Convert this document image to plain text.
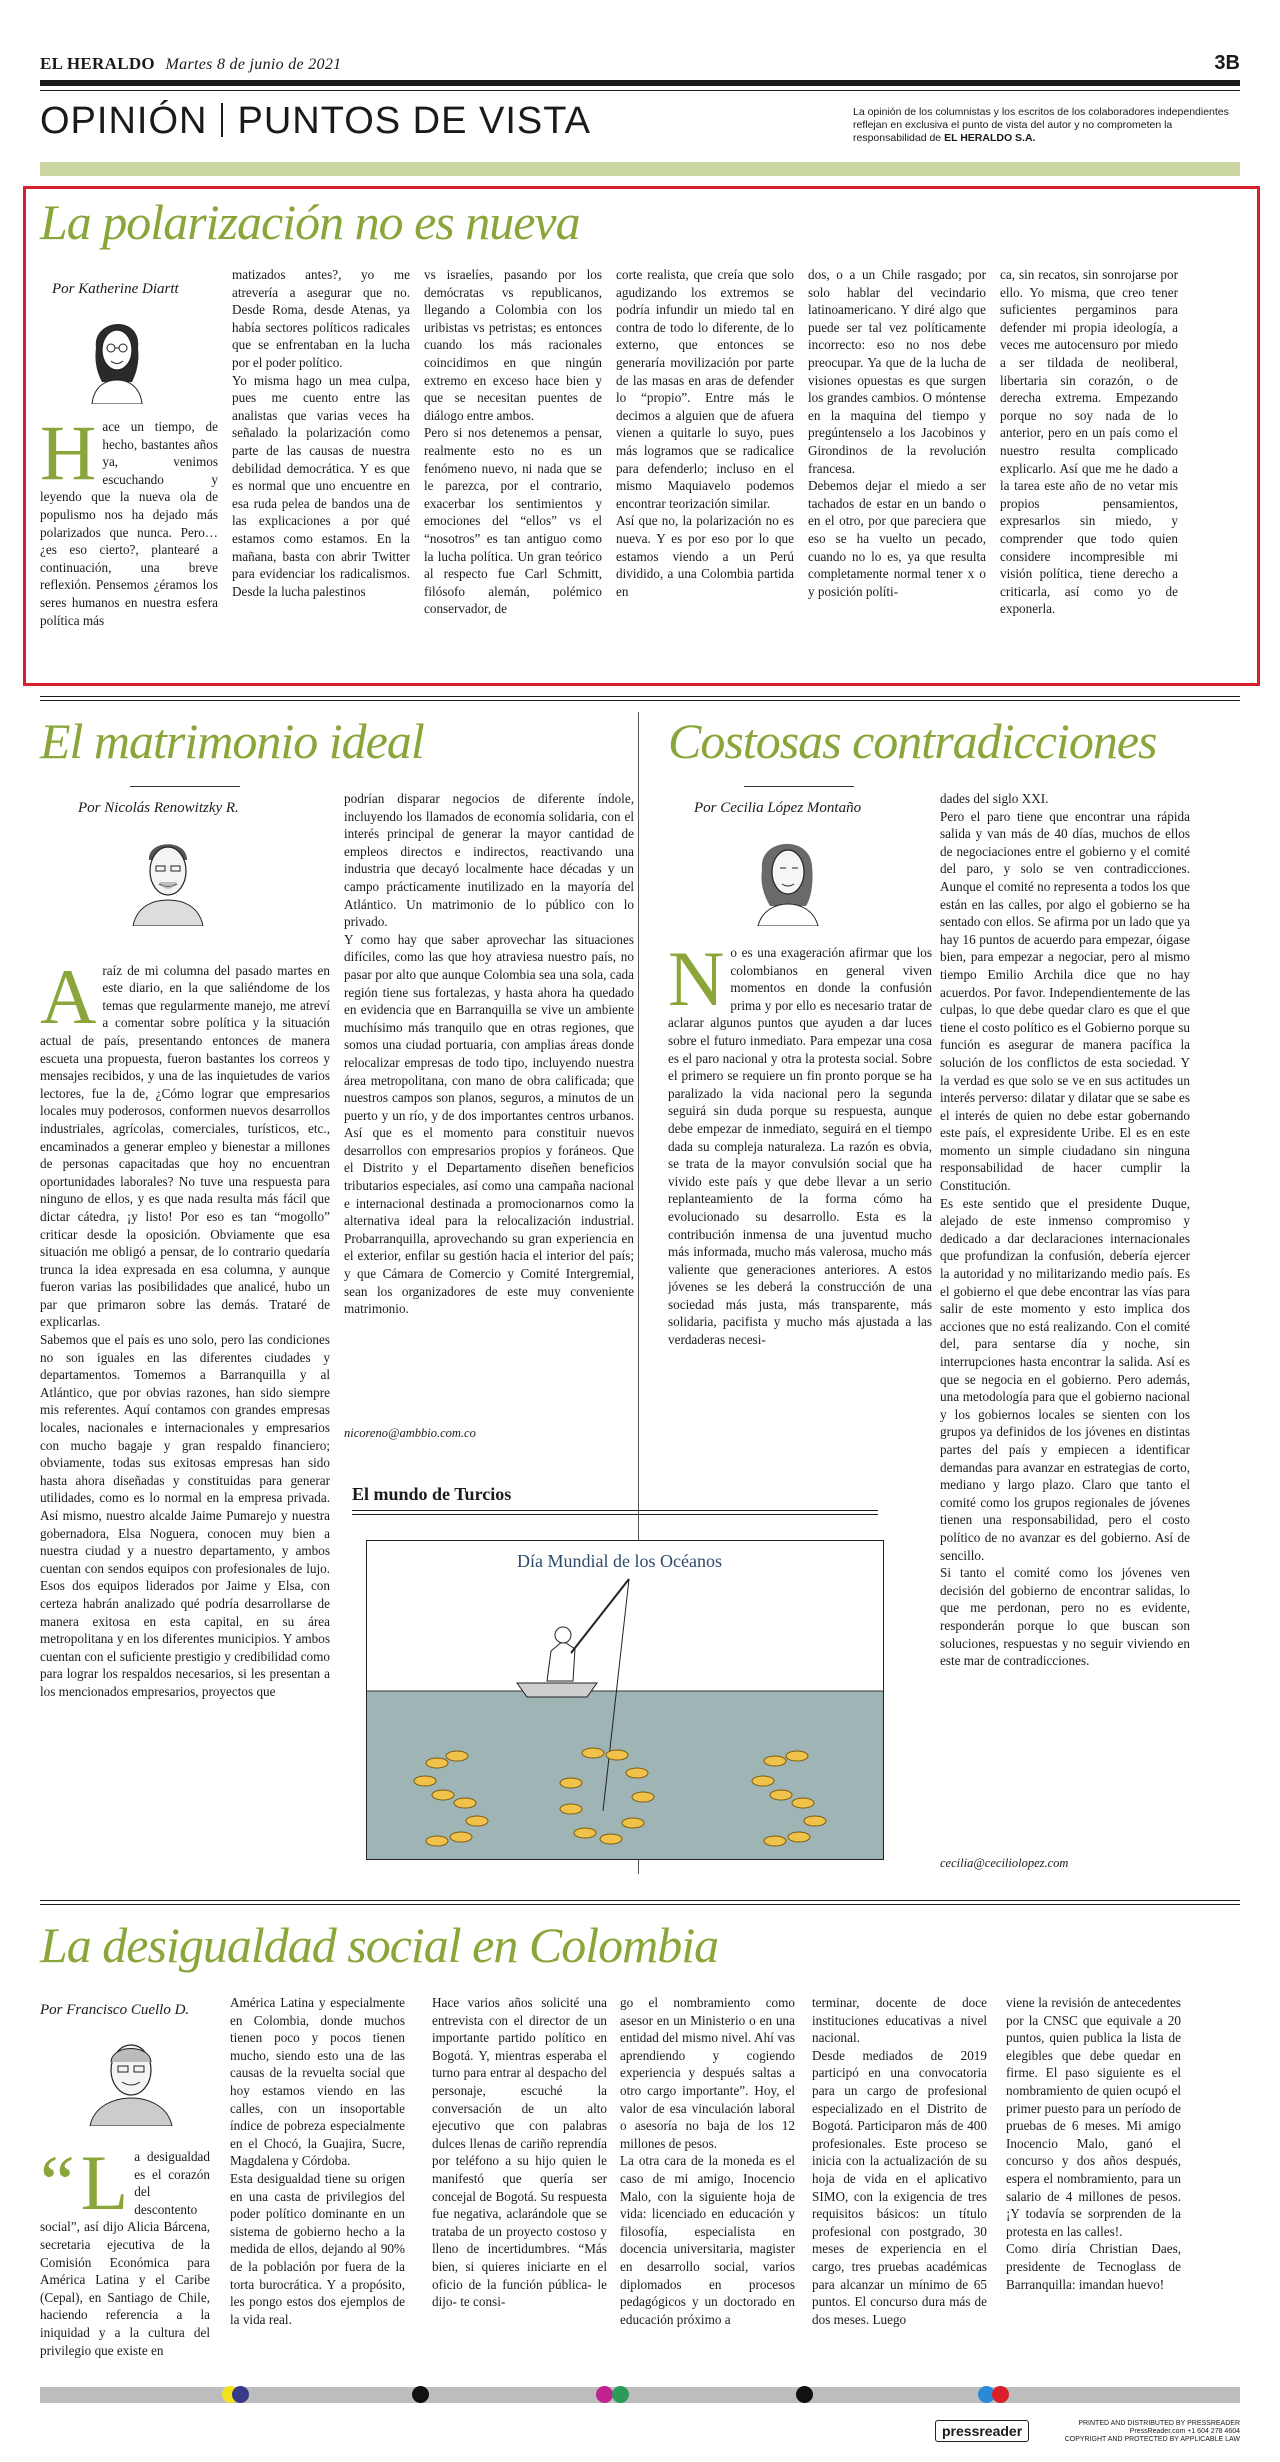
EL HERALDO Martes 8 de junio de 2021	3B
OPINIÓN PUNTOS DE VISTA	La opinión de los columnistas y los escritos de los colaboradores independientes reflejan en exclusiva el punto de vista del autor y no comprometen la responsabilidad de EL HERALDO S.A.
La polarización no es nueva
Por Katherine Diartt
Hace un tiempo, de hecho, bastantes años ya, venimos escuchando y leyendo que la nueva ola de populismo nos ha dejado más polarizados que nunca. Pero… ¿es eso cierto?, planteаré a continuación, una breve reflexión. Pensemos ¿éramos los seres humanos en nuestra esfera política más
matizados antes?, yo me atrevería a asegurar que no. Desde Roma, desde Atenas, ya había sectores políticos radicales que se enfrentaban en la lucha por el poder político.
Yo misma hago un mea culpa, pues me cuento entre las analistas que varias veces ha señalado la polarización como parte de las causas de nuestra debilidad democrática. Y es que es normal que uno encuentre en esa ruda pelea de bandos una de las explicaciones a por qué estamos como estamos. En la mañana, basta con abrir Twitter para evidenciar los radicalismos. Desde la lucha palestinos
vs israelíes, pasando por los demócratas vs republicanos, llegando a Colombia con los uribistas vs petristas; es entonces cuando los más racionales coincidimos en que ningún extremo en exceso hace bien y que se necesitan puentes de diálogo entre ambos.
Pero si nos detenemos a pensar, realmente esto no es un fenómeno nuevo, ni nada que se le parezca, por el contrario, exacerbar los sentimientos y emociones del “ellos” vs el “nosotros” es tan antiguo como la lucha política. Un gran teórico al respecto fue Carl Schmitt, filósofo alemán, polémico conservador, de
corte realista, que creía que solo agudizando los extremos se podría infundir un miedo tal en contra de todo lo diferente, de lo externo, que entonces se generaría movilización por parte de las masas en aras de defender lo “propio”. Entre más le decimos a alguien que de afuera vienen a quitarle lo suyo, pues más logramos que se radicalice para defenderlo; incluso en el mismo Maquiavelo podemos encontrar teorización similar.
Así que no, la polarización no es nueva. Y es por eso por lo que estamos viendo a un Perú dividido, a una Colombia partida en
dos, o a un Chile rasgado; por solo hablar del vecindario latinoamericano. Y diré algo que puede ser tal vez políticamente incorrecto: eso no nos debe preocupar. Ya que de la lucha de visiones opuestas es que surgen los grandes cambios. O móntense en la maquina del tiempo y pregúntenselo a los Jacobinos y Girondinos de la revolución francesa.
Debemos dejar el miedo a ser tachados de estar en un bando o en el otro, por que pareciera que eso se ha vuelto un pecado, cuando no lo es, ya que resulta completamente normal tener x o y posición políti-
ca, sin recatos, sin sonrojarse por ello. Yo misma, que creo tener suficientes pergaminos para defender mi propia ideología, a veces me autocensuro por miedo a ser tildada de neoliberal, libertaria sin corazón, o de derecha extrema. Empezando porque no soy nada de lo anterior, pero en un país como el nuestro resulta complicado explicarlo. Así que me he dado a la tarea este año de no vetar mis propios pensamientos, expresarlos sin miedo, y comprender que todo quien considere incompresible mi visión política, tiene derecho a criticarla, así como yo de exponerla.
El matrimonio ideal
Por Nicolás Renowitzky R.

Araíz de mi columna del pasado martes en este diario, en la que saliéndome de los temas que regularmente manejo, me atreví a comentar sobre política y la situación actual de país, presentando entonces de manera escueta una propuesta, fueron bastantes los correos y mensajes recibidos, y una de las inquietudes de varios lectores, fue la de, ¿Cómo lograr que empresarios locales muy poderosos, conformen nuevos desarrollos industriales, agrícolas, comerciales, turísticos, etc., encaminados a generar empleo y bienestar a millones de personas capacitadas que hoy no encuentran oportunidades laborales? No tuve una respuesta para ninguno de ellos, y es que nada resulta más fácil que dictar cátedra, ¡y listo! Por eso es tan “mogollo” criticar desde la oposición. Obviamente que esa situación me obligó a pensar, de lo contrario quedaría trunca la idea expresada en esa columna, y aunque fueron varias las posibilidades que analicé, hubo un par que primaron sobre las demás. Trataré de explicarlas.
Sabemos que el país es uno solo, pero las condiciones no son iguales en las diferentes ciudades y departamentos. Tomemos a Barranquilla y al Atlántico, que por obvias razones, han sido siempre mis referentes. Aquí contamos con grandes empresas locales, nacionales e internacionales y empresarios con mucho bagaje y gran respaldo financiero; obviamente, todas sus exitosas empresas han sido hasta ahora diseñadas y constituidas para generar utilidades, como es lo normal en la empresa privada. Así mismo, nuestro alcalde Jaime Pumarejo y nuestra gobernadora, Elsa Noguera, conocen muy bien a nuestra ciudad y a nuestro departamento, y ambos cuentan con sendos equipos con profesionales de lujo. Esos dos equipos liderados por Jaime y Elsa, con certeza habrán analizado qué podría desarrollarse de manera exitosa en esta capital, en su área metropolitana y en los diferentes municipios. Y ambos cuentan con el suficiente prestigio y credibilidad como para lograr los respaldos necesarios, si les presentan a los mencionados empresarios, proyectos que

podrían disparar negocios de diferente índole, incluyendo los llamados de economía solidaria, con el interés principal de generar la mayor cantidad de empleos directos e indirectos, reactivando una industria que decayó localmente hace décadas y un campo prácticamente inutilizado en la mayoría del Atlántico. Un matrimonio de lo público con lo privado.
Y como hay que saber aprovechar las situaciones difíciles, como las que hoy atraviesa nuestro país, no pasar por alto que aunque Colombia sea una sola, cada región tiene sus fortalezas, y hasta ahora ha quedado en evidencia que en Barranquilla se vive un ambiente muchísimo más tranquilo que en otras regiones, que somos una ciudad portuaria, con amplias áreas donde relocalizar empresas de todo tipo, incluyendo nuestra área metropolitana, con mano de obra calificada; que nuestros campos son planos, seguros, a minutos de un puerto y un río, y de dos importantes centros urbanos. Así que es el momento para constituir nuevos desarrollos con empresarios propios y foráneos. Que el Distrito y el Departamento diseñen beneficios tributarios especiales, así como una campaña nacional e internacional destinada a promocionarnos como la alternativa ideal para la relocalización industrial. Probarranquilla, aprovechando su gran experiencia en el exterior, enfilar su gestión hacia el interior del país; y que Cámara de Comercio y Comité Intergremial, sean los organizadores de este muy conveniente matrimonio.
nicoreno@ambbio.com.co
El mundo de Turcios
Día Mundial de los Océanos
Costosas contradicciones
Por Cecilia López Montaño
No es una exageración afirmar que los colombianos en general viven momentos en donde la confusión prima y por ello es necesario tratar de aclarar algunos puntos que ayuden a dar luces sobre el futuro inmediato. Para empezar una cosa es el paro nacional y otra la protesta social. Sobre el primero se requiere un fin pronto porque se ha paralizado la vida nacional pero la segunda seguirá sin duda porque su respuesta, aunque debe empezar de inmediato, seguirá en el tiempo dada su compleja naturaleza. La razón es obvia, se trata de la mayor convulsión social que ha vivido este país y que debe llevar a un serio replanteamiento de la forma cómo ha evolucionado su desarrollo. Esta es la contribución inmensa de una juventud mucho más informada, mucho más valerosa, mucho más valiente que generaciones anteriores. A estos jóvenes se les deberá la construcción de una sociedad más justa, más transparente, más solidaria, pacifista y mucho más ajustada a las verdaderas necesi-
dades del siglo XXI.
Pero el paro tiene que encontrar una rápida salida y van más de 40 días, muchos de ellos de negociaciones entre el gobierno y el comité del paro, y solo se ven contradicciones. Aunque el comité no representa a todos los que están en las calles, por algo el gobierno se ha sentado con ellos. Se afirma por un lado que ya hay 16 puntos de acuerdo para empezar, óigase bien, para empezar a negociar, pero al mismo tiempo Emilio Archila dice que no hay acuerdos. Por favor. Independientemente de las culpas, lo que debe quedar claro es que el que tiene el costo político es el Gobierno porque su función es asegurar de manera pacífica la solución de los conflictos de esta sociedad. Y la verdad es que solo se ve en sus actitudes un interés perverso: dilatar y dilatar que se sabe es el interés de quien no debe estar gobernando este país, el expresidente Uribe. El es en este momento un simple ciudadano sin ninguna responsabilidad de hacer cumplir la Constitución.
Es este sentido que el presidente Duque, alejado de este inmenso compromiso y dedicado a dar declaraciones internacionales que profundizan la confusión, debería ejercer la autoridad y no militarizando medio país. Es el gobierno el que debe encontrar las vías para salir de este momento y esto implica dos acciones que no está realizando. Con el comité del, para sentarse día y noche, sin interrupciones hasta encontrar la salida. Así es que se negocia en el gobierno. Pero además, una metodología para que el gobierno nacional y los gobiernos locales se sienten con los grupos ya definidos de los jóvenes en distintas partes del país y empiecen a identificar demandas para avanzar en estrategias de corto, mediano y largo plazo. Claro que tanto el comité como los grupos regionales de jóvenes tienen una responsabilidad, pero el costo político de no avanzar es del gobierno. Así de sencillo.
Si tanto el comité como los jóvenes ven decisión del gobierno de encontrar salidas, lo que me perdonan, pero no es evidente, responderán porque lo que buscan son soluciones, respuestas y no seguir viviendo en este mar de contradicciones.
cecilia@ceciliolopez.com
La desigualdad social en Colombia
Por Francisco Cuello D.
“ L a desigualdad es el corazón del descontento social”, así dijo Alicia Bárcena, secretaria ejecutiva de la Comisión Económica para América Latina y el Caribe (Cepal), en Santiago de Chile, haciendo referencia a la iniquidad y a la cultura del privilegio que existe en
América Latina y especialmente en Colombia, donde muchos tienen poco y pocos tienen mucho, siendo esto una de las causas de la revuelta social que hoy estamos viendo en las calles, con un insoportable índice de pobreza especialmente en el Chocó, la Guajira, Sucre, Magdalena y Córdoba.
Esta desigualdad tiene su origen en una casta de privilegios del poder político dominante en un sistema de gobierno hecho a la medida de ellos, dejando al 90% de la población por fuera de la torta burocrática. Y a propósito, les pongo estos dos ejemplos de la vida real.
Hace varios años solicité una entrevista con el director de un importante partido político en Bogotá. Y, mientras esperaba el turno para entrar al despacho del personaje, escuché la conversación de un alto ejecutivo que con palabras dulces llenas de cariño reprendía por teléfono a su hijo quien le manifestó que quería ser concejal de Bogotá. Su respuesta fue negativa, aclarándole que se trataba de un proyecto costoso y lleno de incertidumbres. “Más bien, si quieres iniciarte en el oficio de la función pública- le dijo- te consi-
go el nombramiento como asesor en un Ministerio o en una entidad del mismo nivel. Ahí vas aprendiendo y cogiendo experiencia y después saltas a otro cargo importante”. Hoy, el valor de esa vinculación laboral o asesoría no baja de los 12 millones de pesos.
La otra cara de la moneda es el caso de mi amigo, Inocencio Malo, con la siguiente hoja de vida: licenciado en educación y filosofía, especialista en docencia universitaria, magister en desarrollo social, varios diplomados en procesos pedagógicos y un doctorado en educación próximo a
terminar, docente de doce instituciones educativas a nivel nacional.
Desde mediados de 2019 participó en una convocatoria para un cargo de profesional especializado en el Distrito de Bogotá. Participaron más de 400 profesionales. Este proceso se inicia con la actualización de su hoja de vida en el aplicativo SIMO, con la exigencia de tres requisitos básicos: un título profesional con postgrado, 30 meses de experiencia en el cargo, tres pruebas académicas para alcanzar un mínimo de 65 puntos. El concurso dura más de dos meses. Luego
viene la revisión de antecedentes por la CNSC que equivale a 20 puntos, quien publica la lista de elegibles que debe quedar en firme. El paso siguiente es el nombramiento de quien ocupó el primer puesto para un período de pruebas de 6 meses. Mi amigo Inocencio Malo, ganó el concurso y dos años después, espera el nombramiento, para un salario de 4 millones de pesos. ¡Y todavía se sorprenden de la protesta en las calles!.
Como diría Christian Daes, presidente de Tecnoglass de Barranquilla: imandan huevo!
pressreader	PRINTED AND DISTRIBUTED BY PRESSREADER
PressReader.com +1 604 278 4604
COPYRIGHT AND PROTECTED BY APPLICABLE LAW
